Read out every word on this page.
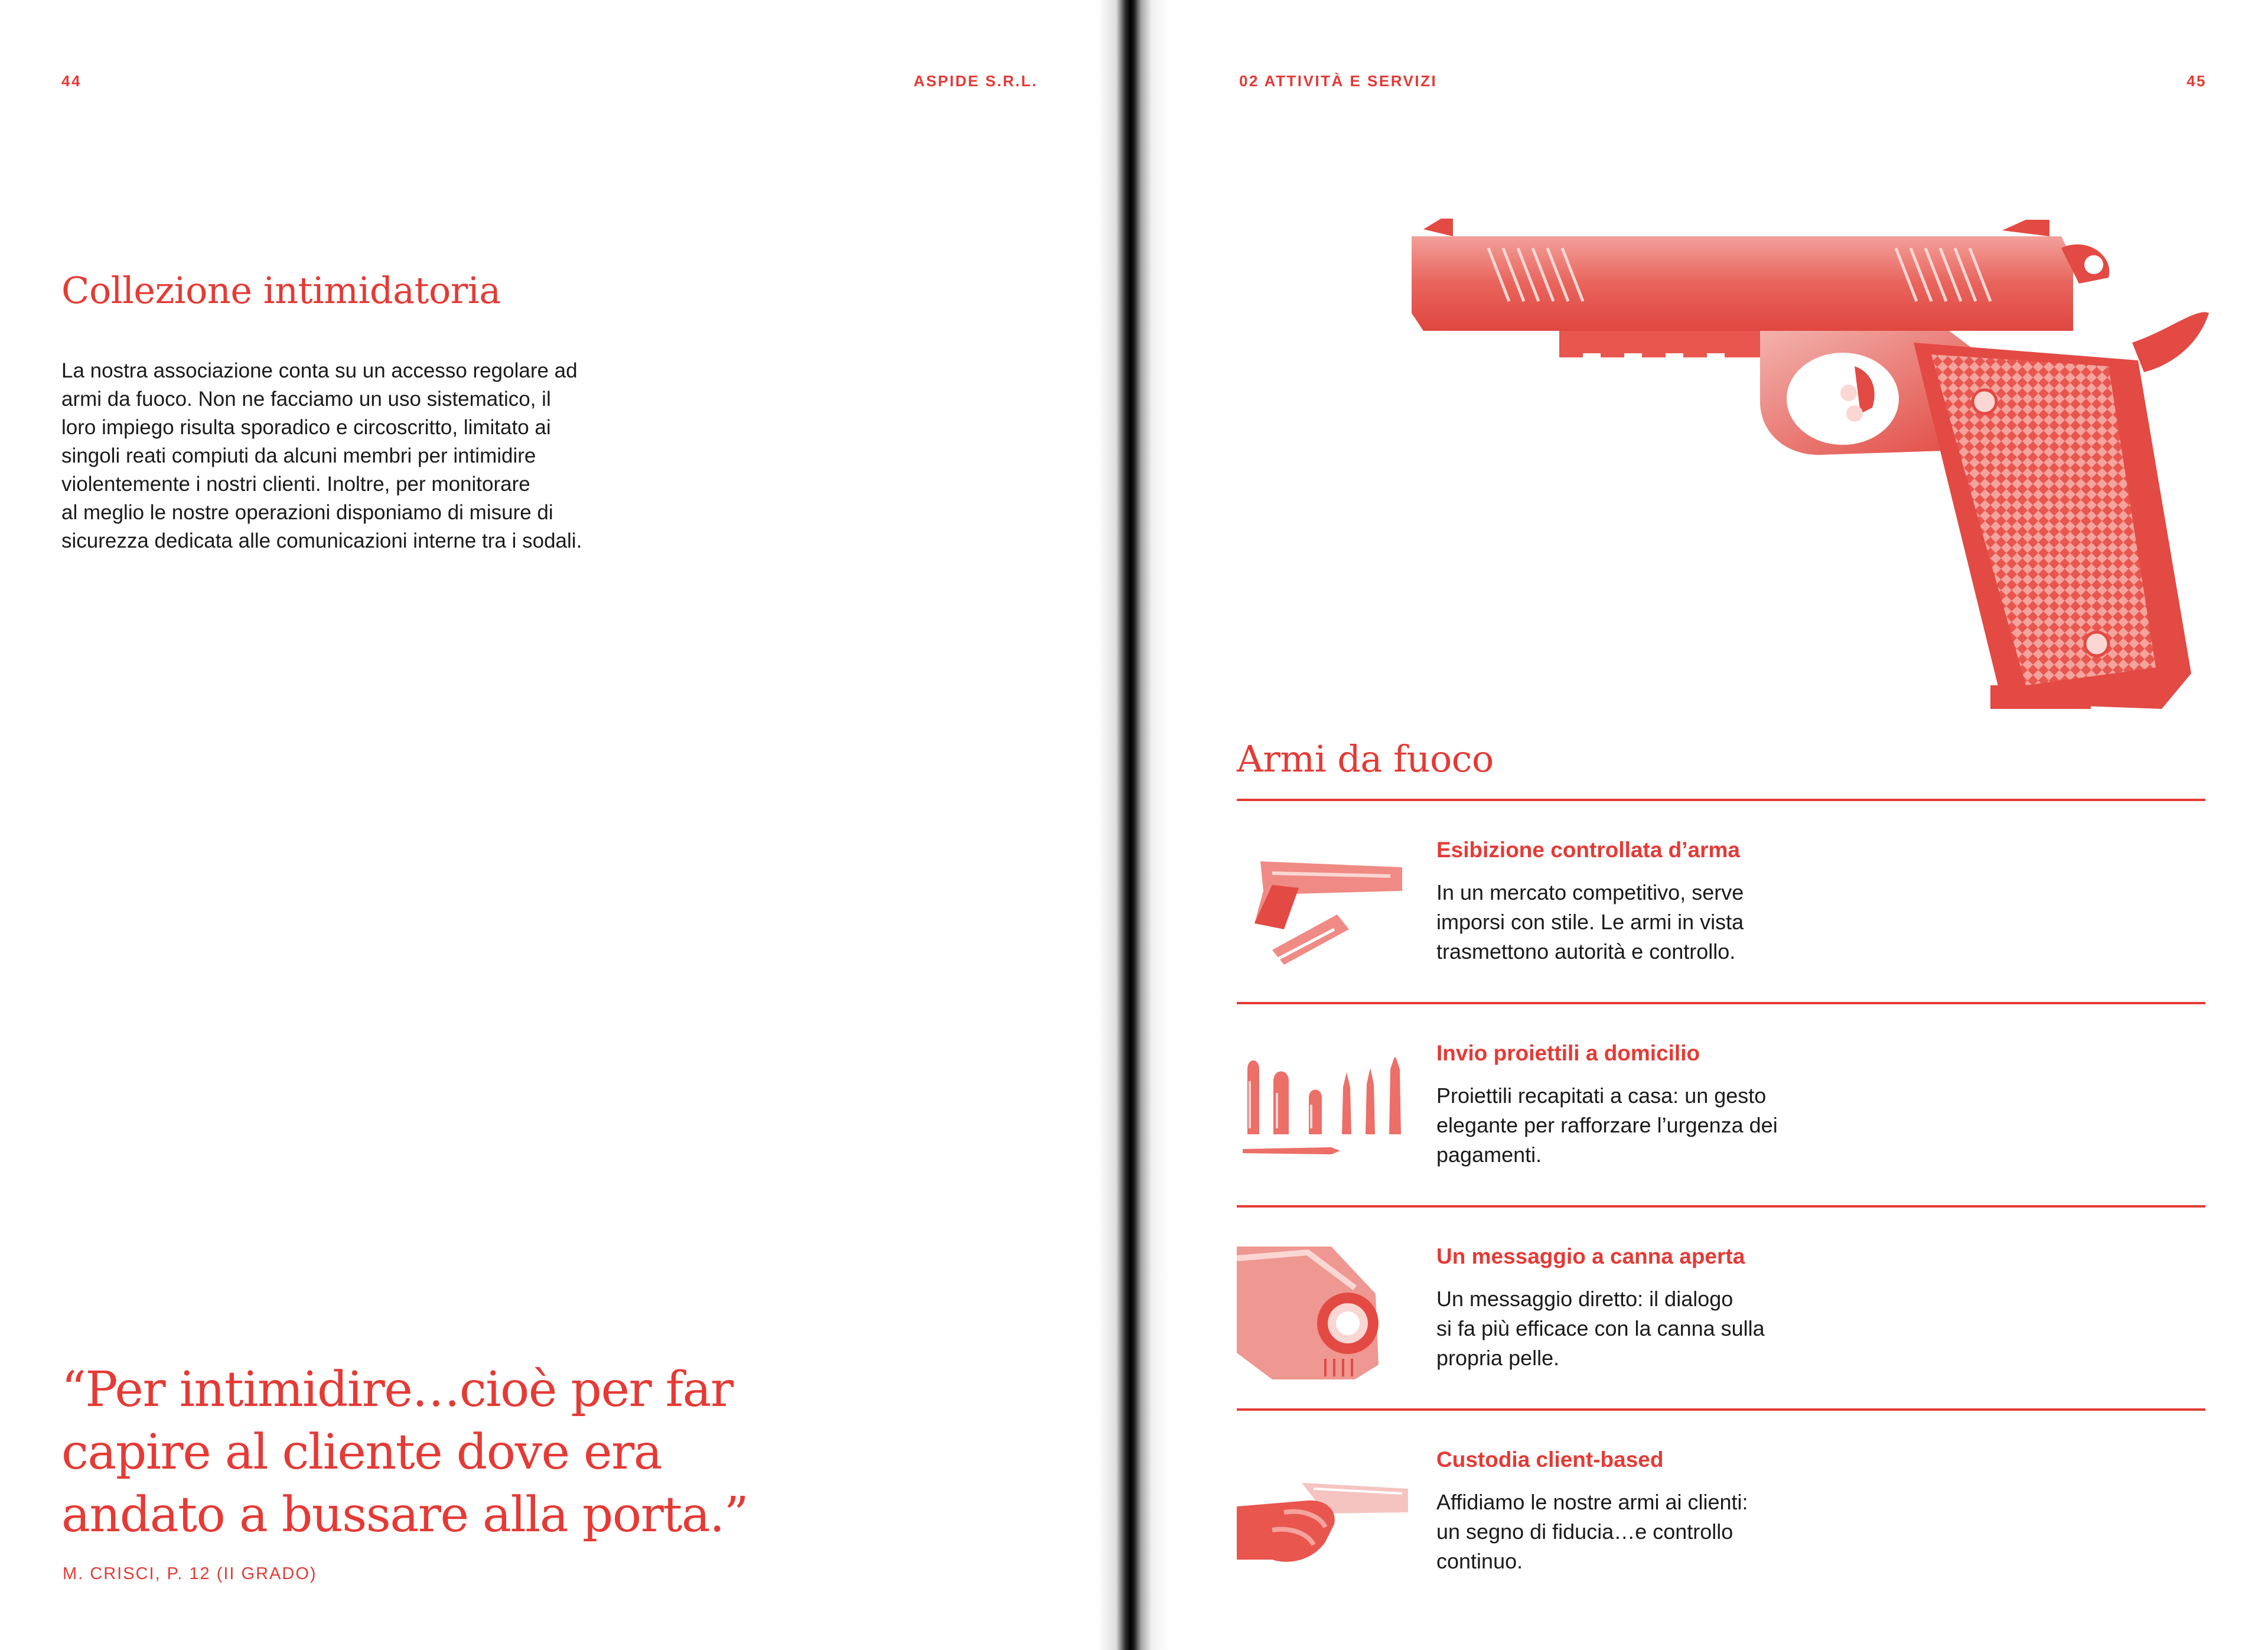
44	ASPIDE S.R.L.
Collezione intimidatoria
La nostra associazione conta su un accesso regolare ad
armi da fuoco. Non ne facciamo un uso sistematico, il
loro impiego risulta sporadico e circoscritto, limitato ai
singoli reati compiuti da alcuni membri per intimidire
violentemente i nostri clienti. Inoltre, per monitorare
al meglio le nostre operazioni disponiamo di misure di
sicurezza dedicata alle comunicazioni interne tra i sodali.
“Per intimidire…cioè per far
capire al cliente dove era
andato a bussare alla porta.”
M. CRISCI, P. 12 (II GRADO)
02 ATTIVITÀ E SERVIZI	45
Armi da fuoco
Esibizione controllata d’arma
In un mercato competitivo, serve
imporsi con stile. Le armi in vista
trasmettono autorità e controllo.
Invio proiettili a domicilio
Proiettili recapitati a casa: un gesto
elegante per rafforzare l’urgenza dei
pagamenti.
Un messaggio a canna aperta
Un messaggio diretto: il dialogo
si fa più efficace con la canna sulla
propria pelle.
Custodia client-based
Affidiamo le nostre armi ai clienti:
un segno di fiducia…e controllo
continuo.
